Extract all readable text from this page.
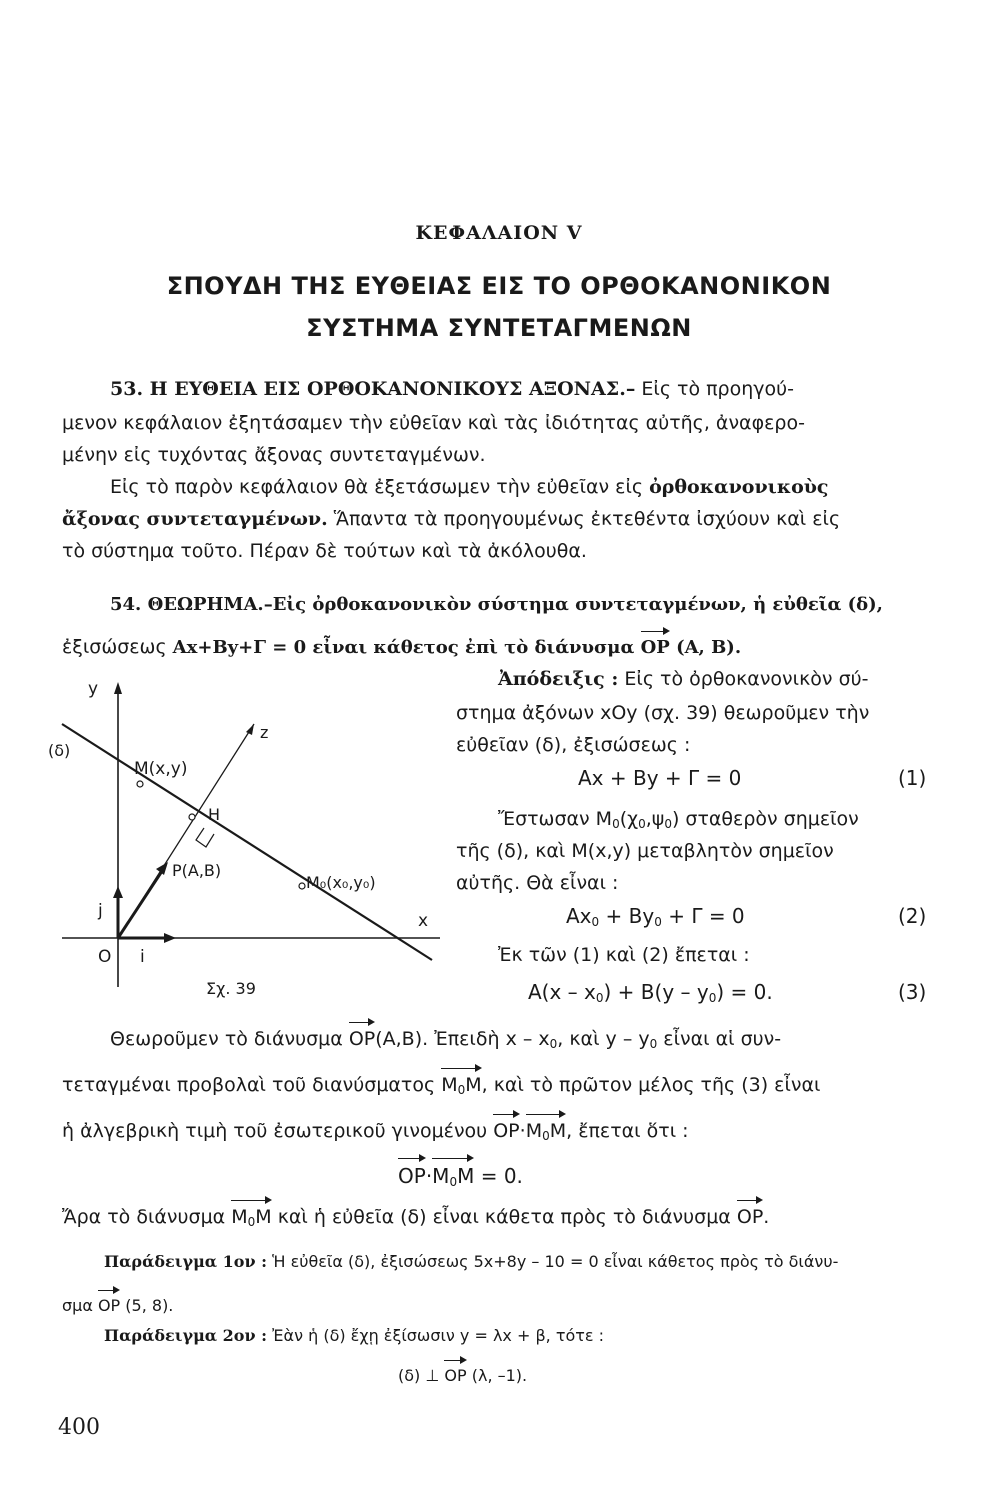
ΚΕΦΑΛΑΙΟΝ V
ΣΠΟΥΔΗ ΤΗΣ ΕΥΘΕΙΑΣ ΕΙΣ ΤΟ ΟΡΘΟΚΑΝΟΝΙΚΟΝ
ΣΥΣΤΗΜΑ ΣΥΝΤΕΤΑΓΜΕΝΩΝ
53. Η ΕΥΘΕΙΑ ΕΙΣ ΟΡΘΟΚΑΝΟΝΙΚΟΥΣ ΑΞΟΝΑΣ.– Εἰς τὸ προηγού-
μενον κεφάλαιον ἐξητάσαμεν τὴν εὐθεῖαν καὶ τὰς ἰδιότητας αὐτῆς, ἀναφερο-
μένην εἰς τυχόντας ἄξονας συντεταγμένων.
Εἰς τὸ παρὸν κεφάλαιον θὰ ἐξετάσωμεν τὴν εὐθεῖαν εἰς ὀρθοκανονικοὺς
ἄξονας συντεταγμένων. Ἅπαντα τὰ προηγουμένως ἐκτεθέντα ἰσχύουν καὶ εἰς
τὸ σύστημα τοῦτο. Πέραν δὲ τούτων καὶ τὰ ἀκόλουθα.
54. ΘΕΩΡΗΜΑ.–Εἰς ὀρθοκανονικὸν σύστημα συντεταγμένων, ἡ εὐθεῖα (δ),
ἐξισώσεως Ax+By+Γ = 0 εἶναι κάθετος ἐπὶ τὸ διάνυσμα OP (A, B).
y
x
z
(δ)
M(x,y)
H
P(A,B)
M₀(x₀,y₀)
j
i
O
Σχ. 39
Ἀπόδειξις : Εἰς τὸ ὀρθοκανονικὸν σύ-
στημα ἀξόνων xOy (σχ. 39) θεωροῦμεν τὴν
εὐθεῖαν (δ), ἐξισώσεως :
Ax + By + Γ = 0	(1)
Ἔστωσαν $M_0(\chi_0,\psi_0)$ σταθερὸν σημεῖον
τῆς (δ), καὶ M(x,y) μεταβλητὸν σημεῖον
αὐτῆς. Θὰ εἶναι :
$Ax_0 + By_0 + \Gamma = 0$	(2)
Ἐκ τῶν (1) καὶ (2) ἔπεται :
$A(x - x_0) + B(y - y_0) = 0$.	(3)
Θεωροῦμεν τὸ διάνυσμα OP(A,B). Ἐπειδὴ x – $x_0$, καὶ y – $y_0$ εἶναι αἱ συν-
τεταγμέναι προβολαὶ τοῦ διανύσματος $M_0M$, καὶ τὸ πρῶτον μέλος τῆς (3) εἶναι
ἡ ἀλγεβρικὴ τιμὴ τοῦ ἐσωτερικοῦ γινομένου $OP\cdot M_0M$, ἔπεται ὅτι :
$OP\cdot M_0M = 0$.
Ἄρα τὸ διάνυσμα $M_0M$ καὶ ἡ εὐθεῖα (δ) εἶναι κάθετα πρὸς τὸ διάνυσμα OP.
Παράδειγμα 1ον : Ἡ εὐθεῖα (δ), ἐξισώσεως 5x+8y – 10 = 0 εἶναι κάθετος πρὸς τὸ διάνυ-
σμα OP (5, 8).
Παράδειγμα 2ον : Ἐὰν ἡ (δ) ἔχῃ ἐξίσωσιν y = λx + β, τότε :
(δ) ⊥ OP (λ, –1).
400
